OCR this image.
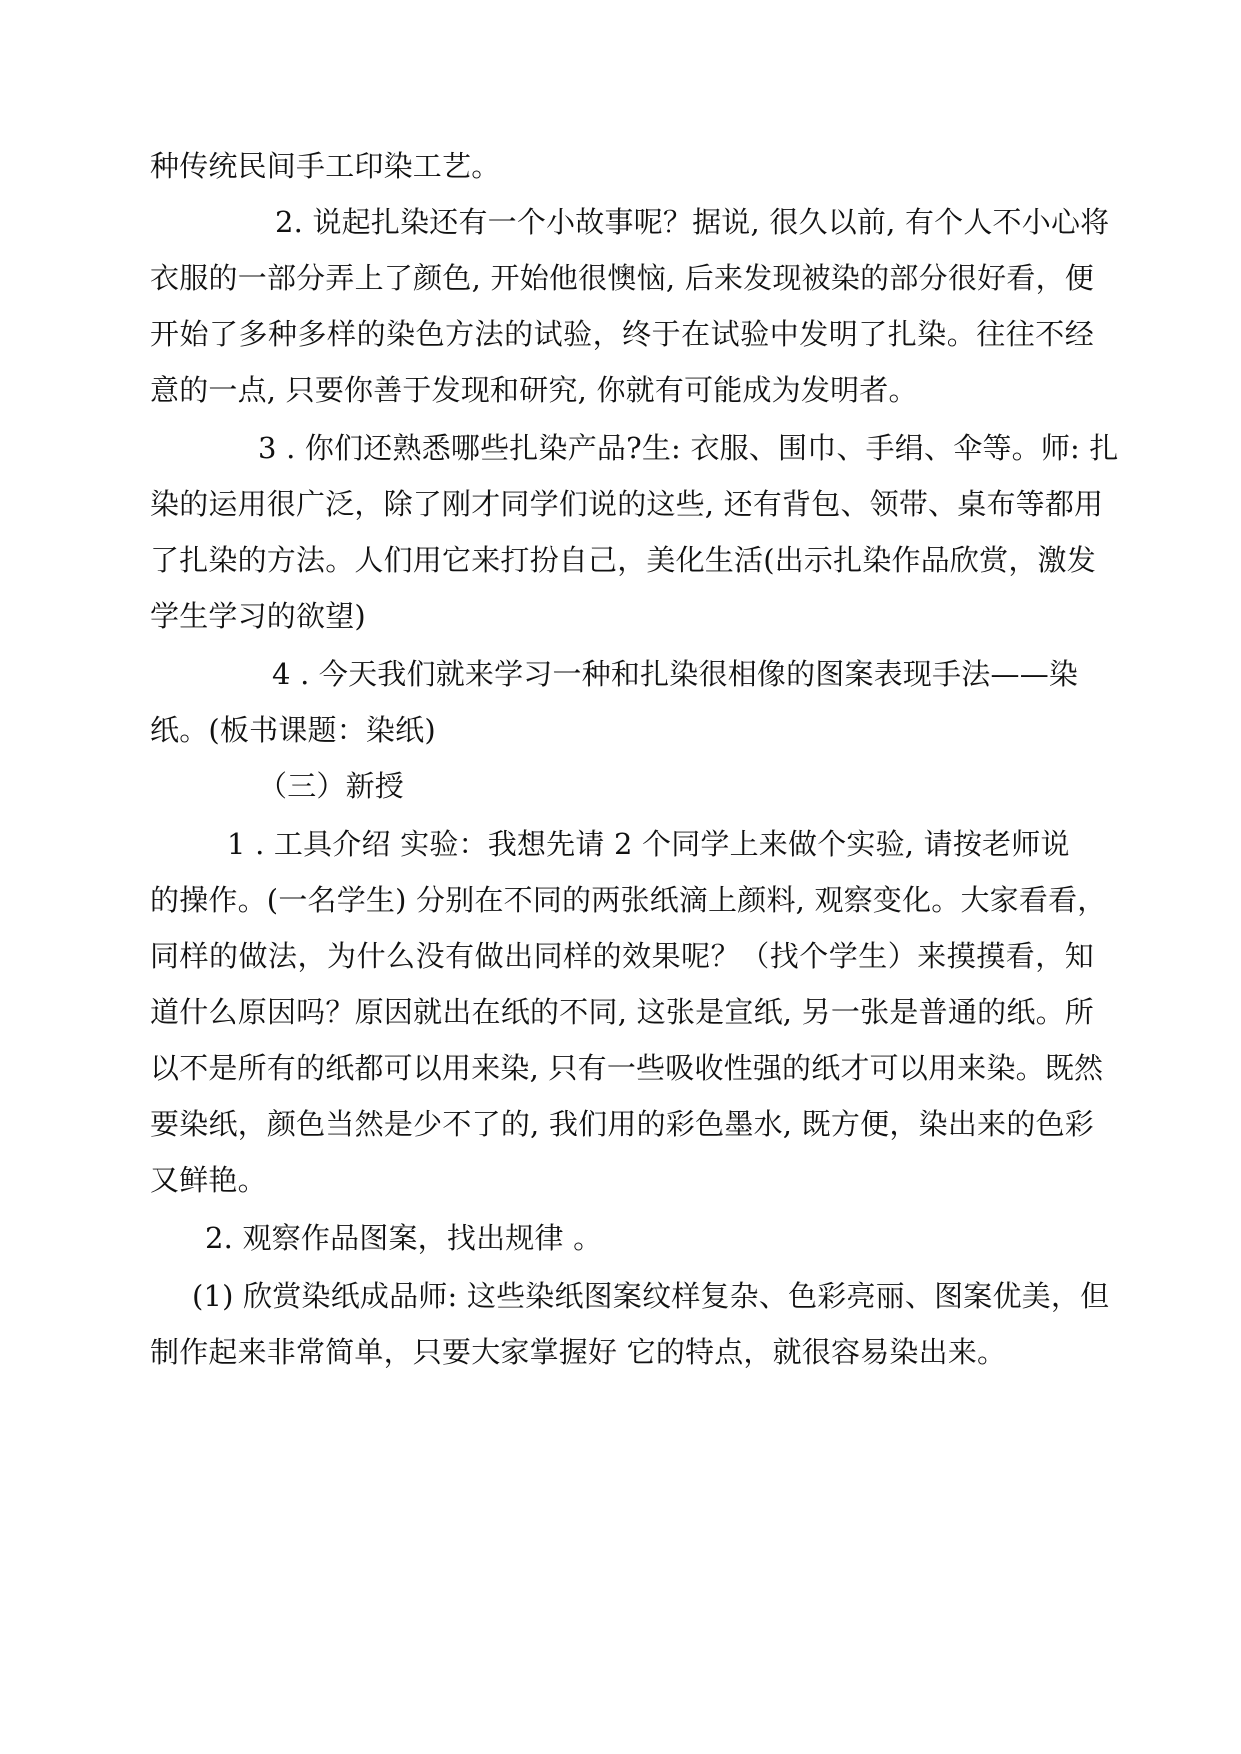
种传统民间手工印染工艺。
2. 说起扎染还有一个小故事呢？据说, 很久以前, 有个人不小心将
衣服的一部分弄上了颜色, 开始他很懊恼, 后来发现被染的部分很好看，便
开始了多种多样的染色方法的试验，终于在试验中发明了扎染。往往不经
意的一点, 只要你善于发现和研究, 你就有可能成为发明者。
3 . 你们还熟悉哪些扎染产品?生: 衣服、围巾、手绢、伞等。师: 扎
染的运用很广泛，除了刚才同学们说的这些, 还有背包、领带、桌布等都用
了扎染的方法。人们用它来打扮自己，美化生活(出示扎染作品欣赏，激发
学生学习的欲望)
4 . 今天我们就来学习一种和扎染很相像的图案表现手法——染
纸。(板书课题：染纸)
（三）新授
1 . 工具介绍 实验：我想先请 2 个同学上来做个实验, 请按老师说
的操作。(一名学生) 分别在不同的两张纸滴上颜料, 观察变化。大家看看，
同样的做法，为什么没有做出同样的效果呢？（找个学生）来摸摸看，知
道什么原因吗？原因就出在纸的不同, 这张是宣纸, 另一张是普通的纸。所
以不是所有的纸都可以用来染, 只有一些吸收性强的纸才可以用来染。既然
要染纸，颜色当然是少不了的, 我们用的彩色墨水, 既方便，染出来的色彩
又鲜艳。
2. 观察作品图案，找出规律 。
(1) 欣赏染纸成品师: 这些染纸图案纹样复杂、色彩亮丽、图案优美，但
制作起来非常简单，只要大家掌握好 它的特点，就很容易染出来。
